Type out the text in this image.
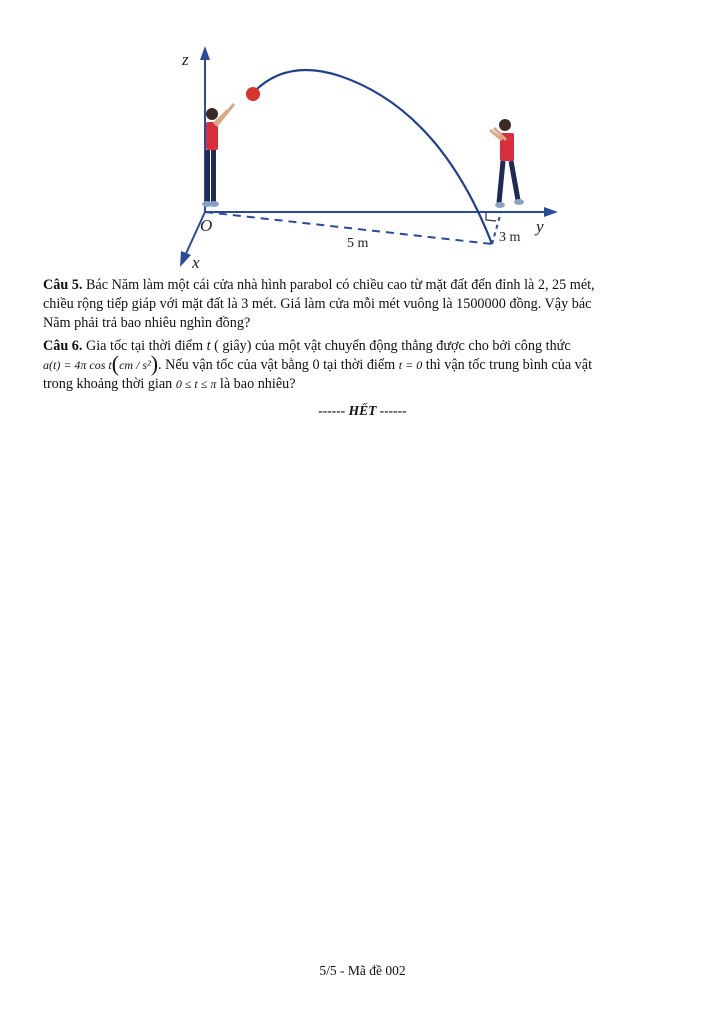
z
y
x
O
5 m	3 m
Câu 5. Bác Năm làm một cái cửa nhà hình parabol có chiều cao từ mặt đất đến đỉnh là 2, 25 mét,
chiều rộng tiếp giáp với mặt đất là 3 mét. Giá làm cửa mỗi mét vuông là 1500000 đồng. Vậy bác
Năm phải trả bao nhiêu nghìn đồng?
Câu 6. Gia tốc tại thời điểm t ( giây) của một vật chuyển động thẳng được cho bởi công thức
a(t) = 4π cos t(cm / s²). Nếu vận tốc của vật bằng 0 tại thời điểm t = 0 thì vận tốc trung bình của vật
trong khoảng thời gian 0 ≤ t ≤ π là bao nhiêu?
------ HẾT ------
5/5 - Mã đề 002
